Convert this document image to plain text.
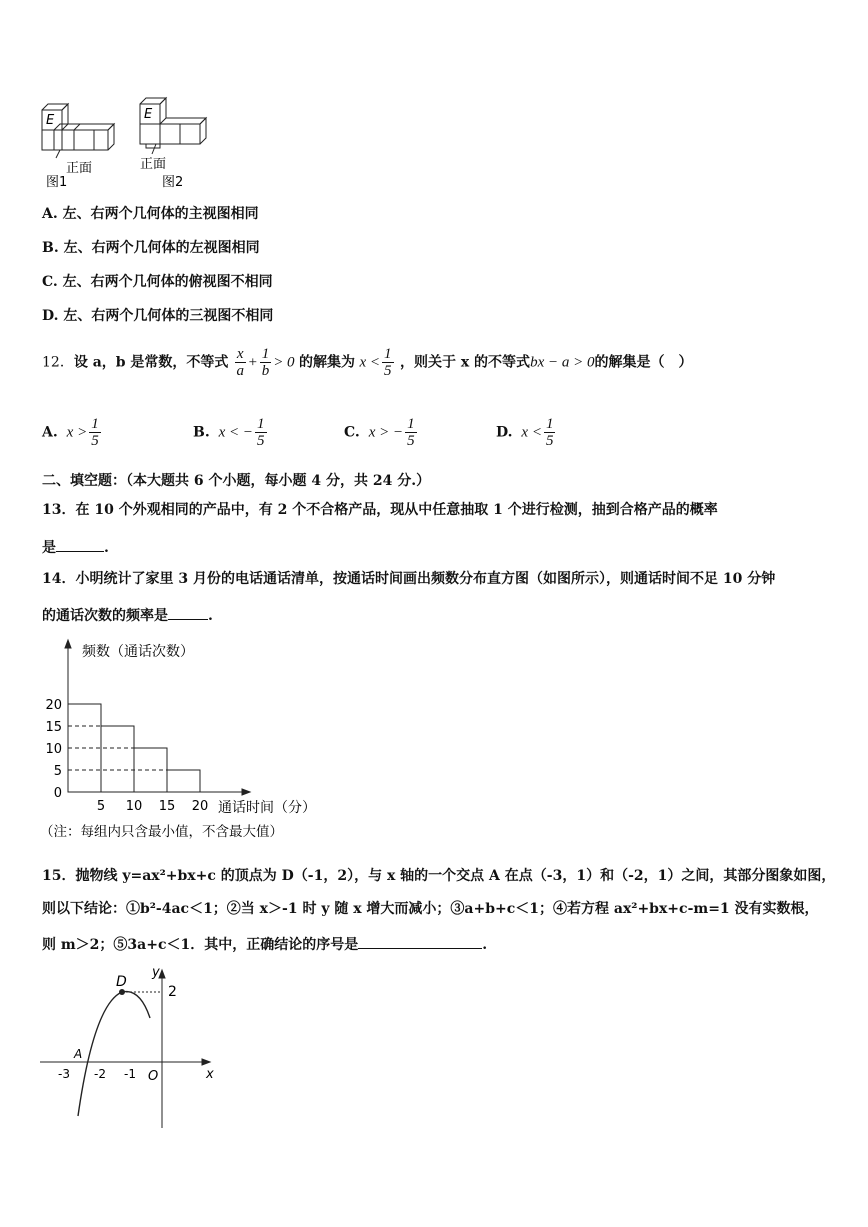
E	E
正面	正面
图1	图2
A. 左、右两个几何体的主视图相同
B. 左、右两个几何体的左视图相同
C. 左、右两个几何体的俯视图不相同
D. 左、右两个几何体的三视图不相同
12．设 a，b 是常数，不等式 $\frac{x}{a} + \frac{1}{b} > 0$ 的解集为 $x < \frac{1}{5}$ ，则关于 x 的不等式bx − a > 0的解集是（　）
A. $x > \frac{1}{5}$	B. x < − $\frac{1}{5}$	C. x > − $\frac{1}{5}$	D. $x < \frac{1}{5}$
二、填空题：（本大题共 6 个小题，每小题 4 分，共 24 分.）
13．在 10 个外观相同的产品中，有 2 个不合格产品，现从中任意抽取 1 个进行检测，抽到合格产品的概率
是	.
14．小明统计了家里 3 月份的电话通话清单，按通话时间画出频数分布直方图（如图所示），则通话时间不足 10 分钟
的通话次数的频率是	.
0
5
10
15
20
5 10 15 20
频数（通话次数）
通话时间（分）
（注：每组内只含最小值，不含最大值）
15．抛物线 y=ax²+bx+c 的顶点为 D（-1，2），与 x 轴的一个交点 A 在点（-3，1）和（-2，1）之间，其部分图象如图，
则以下结论：①b²-4ac＜1；②当 x＞-1 时 y 随 x 增大而减小；③a+b+c＜1；④若方程 ax²+bx+c-m=1 没有实数根，
则 m＞2；⑤3a+c＜1．其中，正确结论的序号是	.
D
2
y
x
O
A
-3 -2 -1
